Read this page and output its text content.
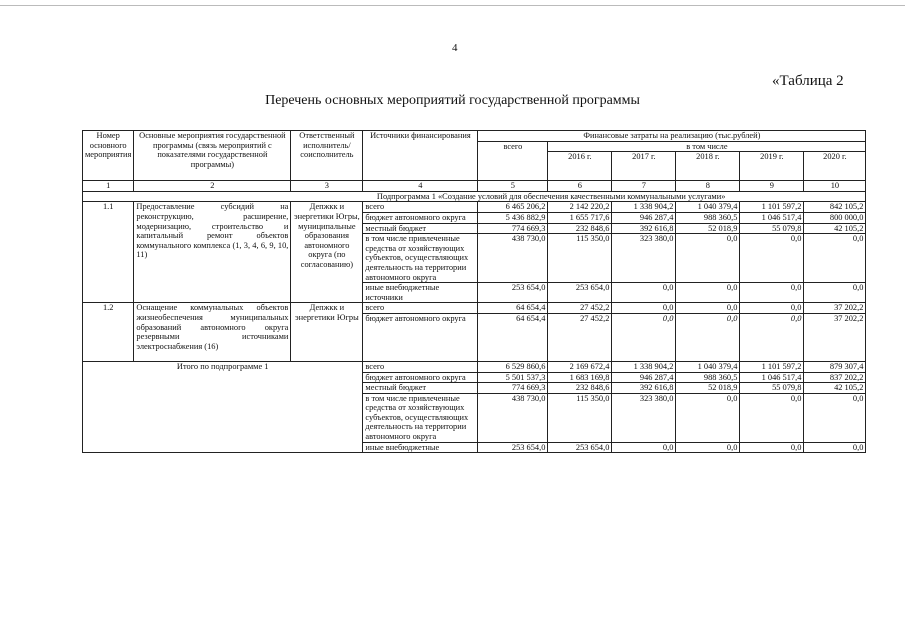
4
«Таблица 2
Перечень основных мероприятий государственной программы
Номер основного мероприятия	Основные мероприятия государственной программы (связь мероприятий с показателями государственной программы)	Ответственный исполнитель/ соисполнитель	Источники финансирования	Финансовые затраты на реализацию (тыс.рублей)					
				всего	в том числе				
					2016 г.	2017 г.	2018 г.	2019 г.	2020 г.
1	2	3	4	5	6	7	8	9	10
Подпрограмма 1 «Создание условий для обеспечения качественными коммунальными услугами»									
1.1	Предоставление субсидий на реконструкцию, расширение, модернизацию, строительство и капитальный ремонт объектов коммунального комплекса (1, 3, 4, 6, 9, 10, 11)	Депжкк и энергетики Югры, муниципальные образования автономного округа (по согласованию)	всего	6 465 206,2	2 142 220,2	1 338 904,2	1 040 379,4	1 101 597,2	842 105,2
			бюджет автономного округа	5 436 882,9	1 655 717,6	946 287,4	988 360,5	1 046 517,4	800 000,0
			местный бюджет	774 669,3	232 848,6	392 616,8	52 018,9	55 079,8	42 105,2
			в том числе привлеченные средства от хозяйствующих субъектов, осуществляющих деятельность на территории автономного округа	438 730,0	115 350,0	323 380,0	0,0	0,0	0,0
			иные внебюджетные источники	253 654,0	253 654,0	0,0	0,0	0,0	0,0
1.2	Оснащение коммунальных объектов жизнеобеспечения муниципальных образований автономного округа резервными источниками электроснабжения (16)	Депжкк и энергетики Югры	всего	64 654,4	27 452,2	0,0	0,0	0,0	37 202,2
			бюджет автономного округа	64 654,4	27 452,2	0,0	0,0	0,0	37 202,2
Итого по подпрограмме 1			всего	6 529 860,6	2 169 672,4	1 338 904,2	1 040 379,4	1 101 597,2	879 307,4
			бюджет автономного округа	5 501 537,3	1 683 169,8	946 287,4	988 360,5	1 046 517,4	837 202,2
			местный бюджет	774 669,3	232 848,6	392 616,8	52 018,9	55 079,8	42 105,2
			в том числе привлеченные средства от хозяйствующих субъектов, осуществляющих деятельность на территории автономного округа	438 730,0	115 350,0	323 380,0	0,0	0,0	0,0
			иные внебюджетные	253 654,0	253 654,0	0,0	0,0	0,0	0,0
